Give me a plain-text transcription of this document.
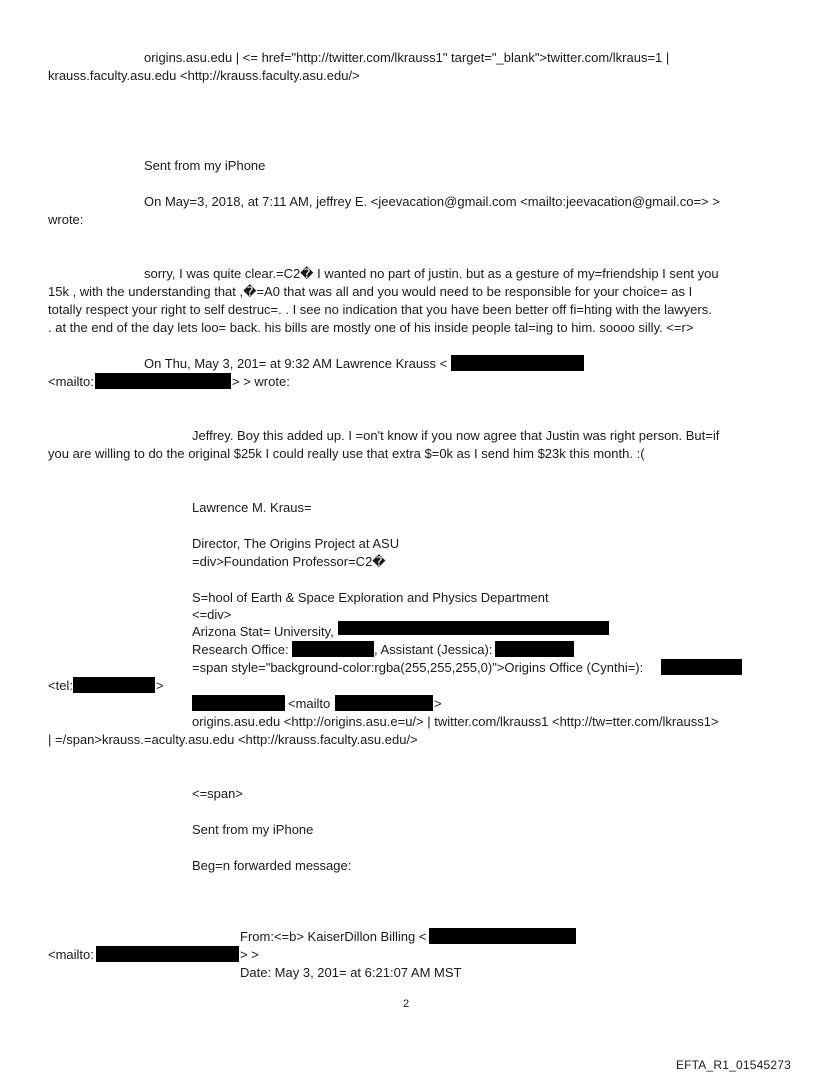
origins.asu.edu | <= href="http://twitter.com/lkrauss1" target="_blank">twitter.com/lkraus=1 |
krauss.faculty.asu.edu <http://krauss.faculty.asu.edu/>
Sent from my iPhone
On May=3, 2018, at 7:11 AM, jeffrey E. <jeevacation@gmail.com <mailto:jeevacation@gmail.co=> >
wrote:
sorry, I was quite clear.=C2� I wanted no part of justin. but as a gesture of my=friendship I sent you
15k , with the understanding that ,�=A0 that was all and you would need to be responsible for your choice= as I
totally respect your right to self destruc=. . I see no indication that you have been better off fi=hting with the lawyers.
. at the end of the day lets loo= back. his bills are mostly one of his inside people tal=ing to him. soooo silly. <=r>
On Thu, May 3, 201= at 9:32 AM Lawrence Krauss <
<mailto:	> > wrote:
Jeffrey. Boy this added up. I =on't know if you now agree that Justin was right person. But=if
you are willing to do the original $25k I could really use that extra $=0k as I send him $23k this month. :(
Lawrence M. Kraus=
Director, The Origins Project at ASU
=div>Foundation Professor=C2�
S=hool of Earth & Space Exploration and Physics Department
<=div>
Arizona Stat= University,
Research Office:	, Assistant (Jessica):
=span style="background-color:rgba(255,255,255,0)">Origins Office (Cynthi=):
<tel:	>
<mailto	>
origins.asu.edu <http://origins.asu.e=u/> | twitter.com/lkrauss1 <http://tw=tter.com/lkrauss1>
| =/span>krauss.=aculty.asu.edu <http://krauss.faculty.asu.edu/>
<=span>
Sent from my iPhone
Beg=n forwarded message:
From:<=b> KaiserDillon Billing <
<mailto:	> >
Date: May 3, 201= at 6:21:07 AM MST
2
EFTA_R1_01545273
